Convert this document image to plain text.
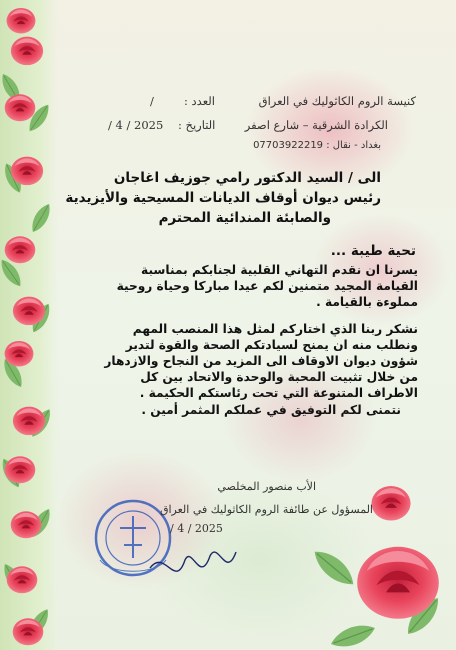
كنيسة الروم الكاثوليك في العراق
الكرادة الشرقية – شارع اصفر
بغداد - نقال : 07703922219
العدد :
/
التاريخ :
/ 4 / 2025
الى / السيد الدكتور رامي جوزيف اغاجان
رئيس ديوان أوقاف الديانات المسيحية والأيزيدية
والصابئة المندائية المحترم
تحية طيبة ...
يسرنا ان نقدم التهاني القلبية لجنابكم بمناسبة
القيامة المجيد متمنين لكم عيدا مباركا وحياة روحية
مملوءة بالقيامة .
نشكر ربنا الذي اختاركم لمثل هذا المنصب المهم
ونطلب منه ان يمنح لسيادتكم الصحة والقوة لتدير
شؤون ديوان الاوقاف الى المزيد من النجاح والازدهار
من خلال تثبيت المحبة والوحدة والاتحاد بين كل
الاطراف المتنوعة التي تحت رئاستكم الحكيمة .
نتمنى لكم التوفيق في عملكم المثمر أمين .
الأب منصور المخلصي
المسؤول عن طائفة الروم الكاثوليك في العراق
/ 4 / 2025
